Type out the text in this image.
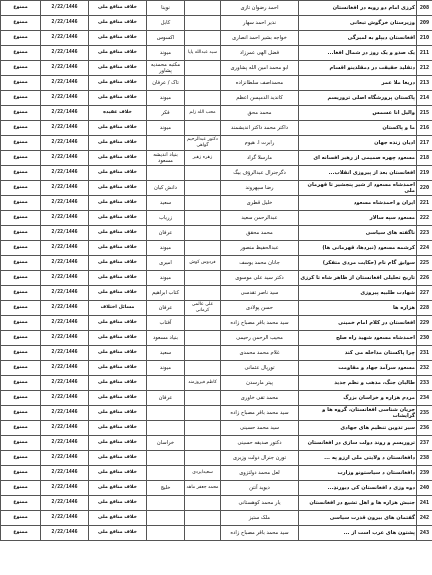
208	کرزی امام دو رویه در افغانستان	احمد رضوان تازی		نوینا	خلاف منافع ملی	2/22/1446	ممنوع
209	وزیرستان خرگوش تبعانی	نذیر احمد سهار		کابل	خلاف منافع ملی	2/22/1446	ممنوع
210	افغانستان دیپلو به لمبرگی	خواجه بشیر احمد انصاری		اکسوس	خلاف منافع ملی	2/22/1446	ممنوع
211	یک صدو و یک روز در شمال افغا...	فضل الهی عمرزاد	سید عبدالله پاپا	میوند	خلاف منافع ملی	2/22/1446	ممنوع
212	دتقلید حقیقت در دمقلدینو اقسام	ابو محمد امین الله پشاوری		مکتبه محمدیه پشاور	خلاف منافع ملی	2/22/1446	ممنوع
213	دریغا ملا عمر	محمداصف سلطانزاده		تاک / عرفان	خلاف منافع ملی	2/22/1446	ممنوع
214	پاکستان پرورشگاه اصلی تروریسم	کاندید الدمپسن اعظم		میوند	خلاف منافع ملی	2/22/1446	ممنوع
215	والیل انا عسمس	محمد محق	محب الله زلم	فکر	خلاف عقیده	2/22/1446	ممنوع
216	ما و پاکستان	داکتر محمد داکتر اندیشمند		میوند	خلاف منافع ملی	2/22/1446	ممنوع
217	ادیان زنده جهان	رابرت ا. هیوم	دکتور عبدالرحیم گواهی		خلاف منافع ملی	2/22/1446	ممنوع
218	مسعود چهره صمیمی از رهبر افسانه ای	مارسلا گراد	زهره زهیر	بنیاد اندیشه مسعود	خلاف منافع ملی	2/22/1446	ممنوع
219	افغانستان بعد از پیروزی انقلاب...	دگرجنرال عبدالرؤف بیگ			خلاف منافع ملی	2/22/1446	ممنوع
220	احمدشاه مسعود از شیر پنجشیر تا قهرمان ملی	رضا سپهروند		دانش کیان	خلاف منافع ملی	2/22/1446	ممنوع
221	ایران و احمدشاه مسعود	خلیل قطری		سعید	خلاف منافع ملی	2/22/1446	ممنوع
222	مسعود سپه سالار	عبدالرحمن سعید		زریاب	خلاف منافع ملی	2/22/1446	ممنوع
223	ناگفته های سیاسی	محمد محقق		عرفان	خلاف منافع ملی	2/22/1446	ممنوع
224	کرشمه مسعود (نبردها، قهرمانی ها)	عبدالحفیظ منصور		میوند	خلاف منافع ملی	2/22/1446	ممنوع
225	سوابق گام نام (حکایت مردی متفکر)	جانان محمد یوسف	فردوس کوش	امیری	خلاف منافع ملی	2/22/1446	ممنوع
226	تاریخ تحلیلی افغانستان از ظاهر شاه تا کرزی	دکتر سید علی موسوی		میوند	خلاف منافع ملی	2/22/1446	ممنوع
227	شهادت طلبیه پیروزی	سید ناصر تقدسی		کتاب ابراهیم	خلاف منافع ملی	2/22/1446	ممنوع
228	هزاره ها	حسن پولادی	علی عالمی کرمانی	عرفان	مسائل اختلاف	2/22/1446	ممنوع
229	افغانستان در کلام امام خمینی	سید محمد باقر مصباح زاده		آفتاب	خلاف منافع ملی	2/22/1446	ممنوع
230	احمدشاه مسعود شهید راه صلح	محیب الرحمن رحیمی		بنیاد مسعود	خلاف منافع ملی	2/22/1446	ممنوع
231	چرا پاکستان مداخله می کند	غلام محمد محمدی		سعید	خلاف منافع ملی	2/22/1446	ممنوع
232	مسعود سرآمد جهاد و مقاومت	تورپال عثمانی		میوند	خلاف منافع ملی	2/22/1446	ممنوع
233	طالبان جنگ، مذهب و نظم جدید	پیتر مارسدن	کاظم فیروزمند		خلاف منافع ملی	2/22/1446	ممنوع
234	مردم هزاره و خراسان بزرگ	محمد تقی خاوری		عرفان	خلاف منافع ملی	2/22/1446	ممنوع
235	جریان شناسی افغانستان، گروه ها و گرایشات	سید محمد باقر مصباح زاده			خلاف منافع ملی	2/22/1446	ممنوع
236	سیر تدوین تنظیم های جهادی	سید محمد حسینی			خلاف منافع ملی	2/22/1446	ممنوع
237	تروریسم و روند دولت سازی در افغانستان	دکتور صدیقه حسینی		خراسان	خلاف منافع ملی	2/22/1446	ممنوع
238	دافغانستان د ولایتی ملی ارزو په ...	تورن جنرال دولت وزیری			خلاف منافع ملی	2/22/1446	ممنوع
239	دافغانستان د سیاستونو وزارت	لعل محمد دولتزوی	سعیدایزدی		خلاف منافع ملی	2/22/1446	ممنوع
240	دوه وزی د افغانستان کی دیورنډ...	دیوید آنتن	محمد جعفر ماهد	خلیج	خلاف منافع ملی	2/22/1446	ممنوع
241	جنبش هزاره ها و اهل تشیع در افغانستان	یار محمد کوهستانی			خلاف منافع ملی	2/22/1446	ممنوع
242	گفتمان های بیرون قدرت سیاسی	ملک ستیز			خلاف منافع ملی	2/22/1446	ممنوع
243	پشتون های عرب است از ...	سید محمد باقر مصباح زاده			خلاف منافع ملی	2/22/1446	ممنوع
